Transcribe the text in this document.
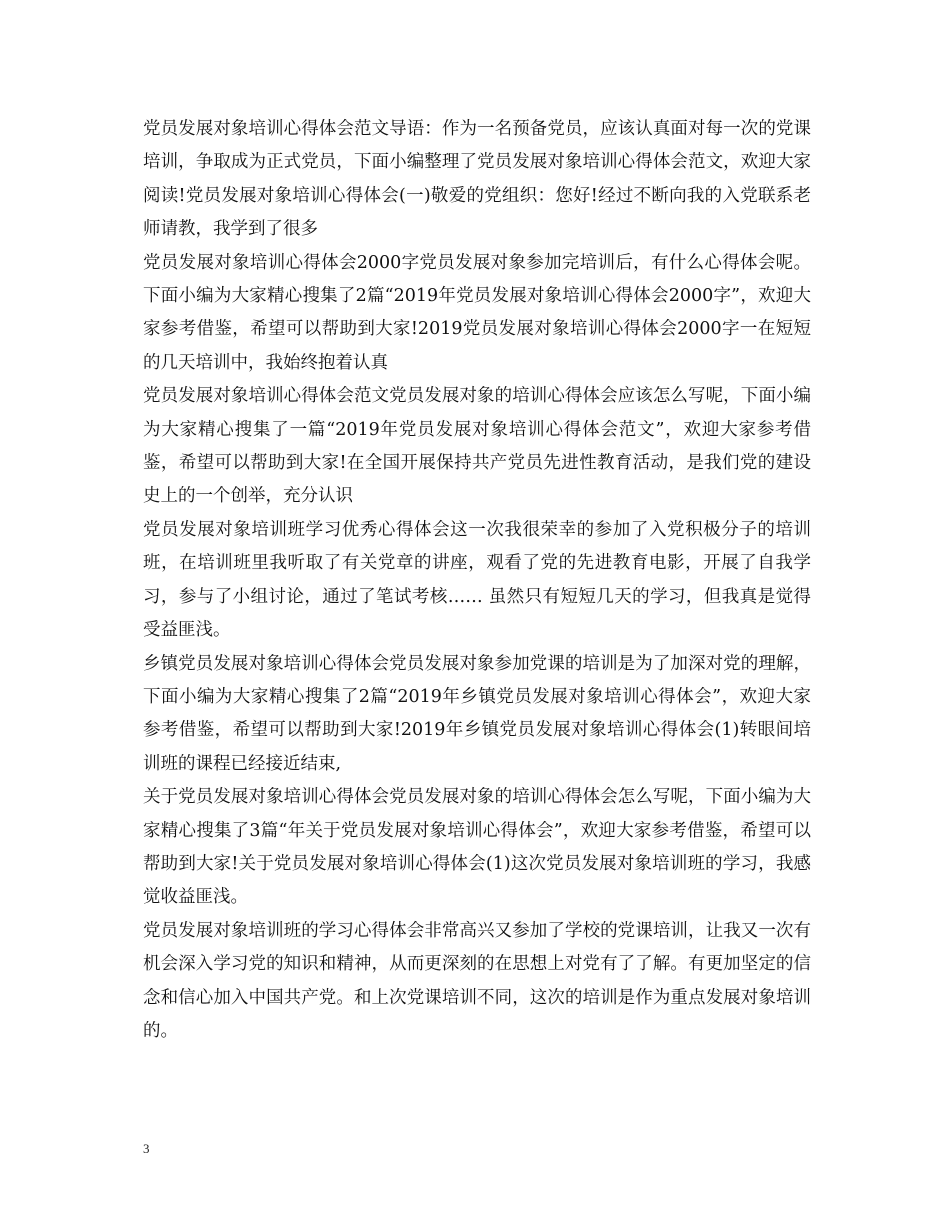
党员发展对象培训心得体会范文导语：作为一名预备党员，应该认真面对每一次的党课培训，争取成为正式党员，下面小编整理了党员发展对象培训心得体会范文，欢迎大家阅读!党员发展对象培训心得体会(一)敬爱的党组织：您好!经过不断向我的入党联系老师请教，我学到了很多

党员发展对象培训心得体会2000字党员发展对象参加完培训后，有什么心得体会呢。下面小编为大家精心搜集了2篇“2019年党员发展对象培训心得体会2000字”，欢迎大家参考借鉴，希望可以帮助到大家!2019党员发展对象培训心得体会2000字一在短短的几天培训中，我始终抱着认真

党员发展对象培训心得体会范文党员发展对象的培训心得体会应该怎么写呢，下面小编为大家精心搜集了一篇“2019年党员发展对象培训心得体会范文”，欢迎大家参考借鉴，希望可以帮助到大家!在全国开展保持共产党员先进性教育活动，是我们党的建设史上的一个创举，充分认识

党员发展对象培训班学习优秀心得体会这一次我很荣幸的参加了入党积极分子的培训班，在培训班里我听取了有关党章的讲座，观看了党的先进教育电影，开展了自我学习，参与了小组讨论，通过了笔试考核…… 虽然只有短短几天的学习，但我真是觉得受益匪浅。

乡镇党员发展对象培训心得体会党员发展对象参加党课的培训是为了加深对党的理解，下面小编为大家精心搜集了2篇“2019年乡镇党员发展对象培训心得体会”，欢迎大家参考借鉴，希望可以帮助到大家!2019年乡镇党员发展对象培训心得体会(1)转眼间培训班的课程已经接近结束,

关于党员发展对象培训心得体会党员发展对象的培训心得体会怎么写呢，下面小编为大家精心搜集了3篇“年关于党员发展对象培训心得体会”，欢迎大家参考借鉴，希望可以帮助到大家!关于党员发展对象培训心得体会(1)这次党员发展对象培训班的学习，我感觉收益匪浅。

党员发展对象培训班的学习心得体会非常高兴又参加了学校的党课培训，让我又一次有机会深入学习党的知识和精神，从而更深刻的在思想上对党有了了解。有更加坚定的信念和信心加入中国共产党。和上次党课培训不同，这次的培训是作为重点发展对象培训的。

3
